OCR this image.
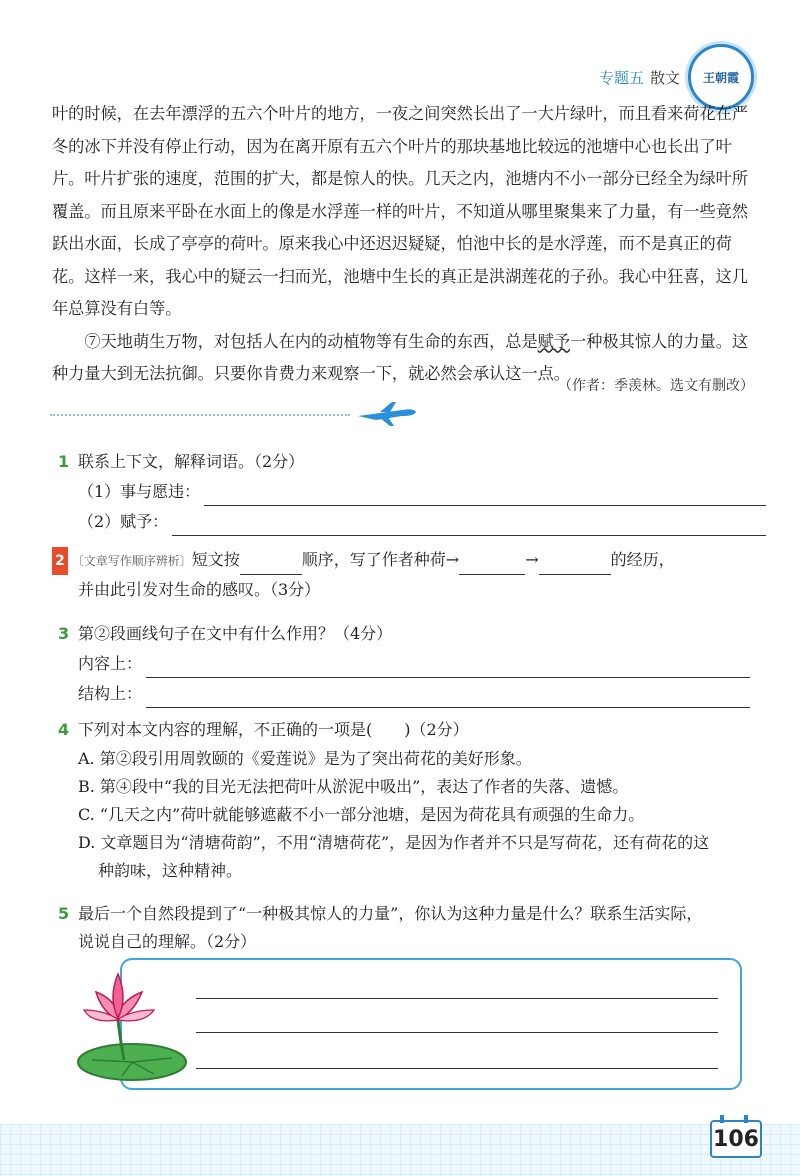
专题五 散文 王朝霞

叶的时候，在去年漂浮的五六个叶片的地方，一夜之间突然长出了一大片绿叶，而且看来荷花在严冬的冰下并没有停止行动，因为在离开原有五六个叶片的那块基地比较远的池塘中心也长出了叶片。叶片扩张的速度，范围的扩大，都是惊人的快。几天之内，池塘内不小一部分已经全为绿叶所覆盖。而且原来平卧在水面上的像是水浮莲一样的叶片，不知道从哪里聚集来了力量，有一些竟然跃出水面，长成了亭亭的荷叶。原来我心中还迟迟疑疑，怕池中长的是水浮莲，而不是真正的荷花。这样一来，我心中的疑云一扫而光，池塘中生长的真正是洪湖莲花的子孙。我心中狂喜，这几年总算没有白等。

⑦天地萌生万物，对包括人在内的动植物等有生命的东西，总是赋予一种极其惊人的力量。这种力量大到无法抗御。只要你肯费力来观察一下，就必然会承认这一点。

（作者：季羡林。选文有删改）
1 联系上下文，解释词语。（2分）
（1）事与愿违：
（2）赋予：
2 〔文章写作顺序辨析〕短文按	顺序，写了作者种荷→	→	的经历，
并由此引发对生命的感叹。（3分）
3 第②段画线句子在文中有什么作用？（4分）
内容上：
结构上：
4 下列对本文内容的理解，不正确的一项是(　　)（2分）
A. 第②段引用周敦颐的《爱莲说》是为了突出荷花的美好形象。
B. 第④段中“我的目光无法把荷叶从淤泥中吸出”，表达了作者的失落、遗憾。
C. “几天之内”荷叶就能够遮蔽不小一部分池塘，是因为荷花具有顽强的生命力。
D. 文章题目为“清塘荷韵”，不用“清塘荷花”，是因为作者并不只是写荷花，还有荷花的这
种韵味，这种精神。
5 最后一个自然段提到了“一种极其惊人的力量”，你认为这种力量是什么？联系生活实际，
说说自己的理解。（2分）
106
